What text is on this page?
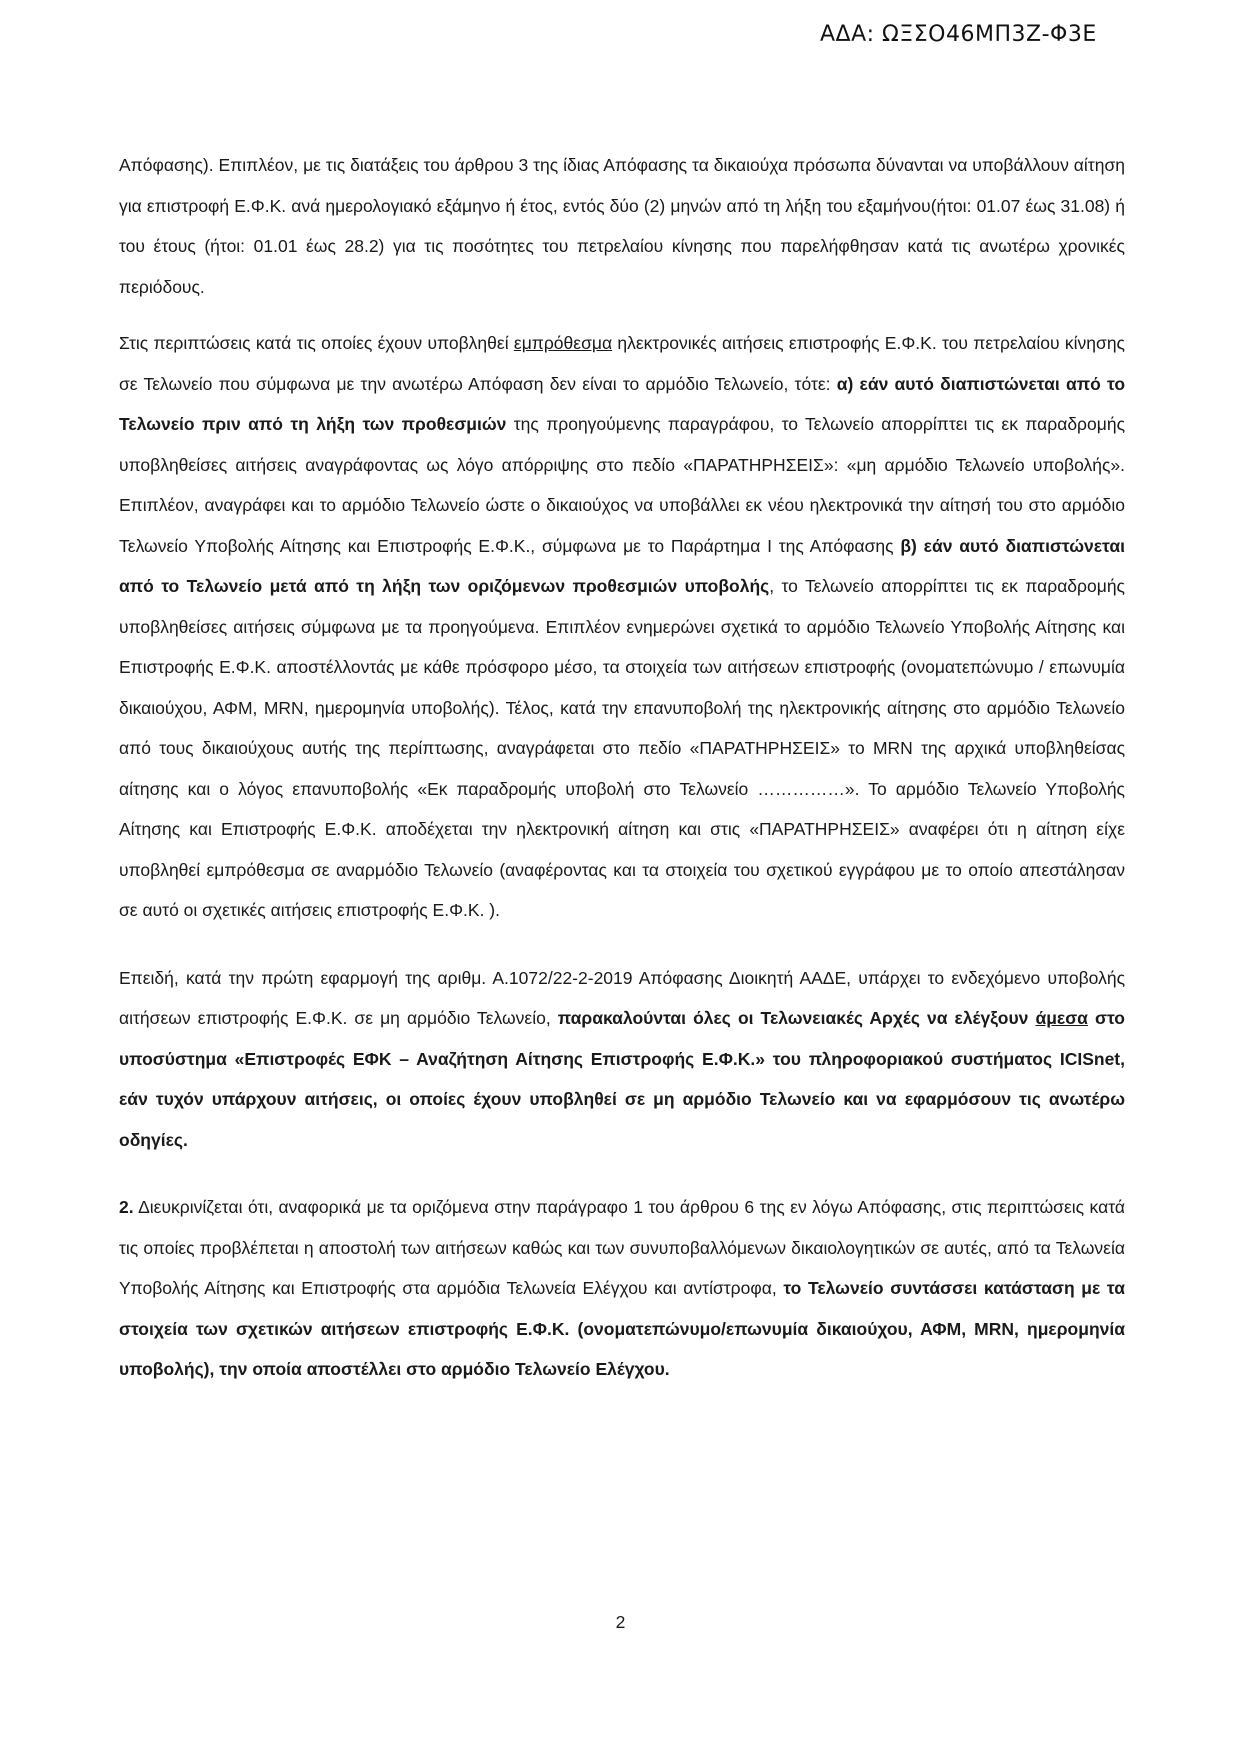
ΑΔΑ: ΩΞΣΟ46ΜΠ3Ζ-Φ3Ε

Απόφασης). Επιπλέον, με τις διατάξεις του άρθρου 3 της ίδιας Απόφασης τα δικαιούχα πρόσωπα δύνανται να υποβάλλουν αίτηση για επιστροφή Ε.Φ.Κ. ανά ημερολογιακό εξάμηνο ή έτος, εντός δύο (2) μηνών από τη λήξη του εξαμήνου(ήτοι: 01.07 έως 31.08) ή του έτους (ήτοι: 01.01 έως 28.2) για τις ποσότητες του πετρελαίου κίνησης που παρελήφθησαν κατά τις ανωτέρω χρονικές περιόδους.

Στις περιπτώσεις κατά τις οποίες έχουν υποβληθεί εμπρόθεσμα ηλεκτρονικές αιτήσεις επιστροφής Ε.Φ.Κ. του πετρελαίου κίνησης σε Τελωνείο που σύμφωνα με την ανωτέρω Απόφαση δεν είναι το αρμόδιο Τελωνείο, τότε: α) εάν αυτό διαπιστώνεται από το Τελωνείο πριν από τη λήξη των προθεσμιών της προηγούμενης παραγράφου, το Τελωνείο απορρίπτει τις εκ παραδρομής υποβληθείσες αιτήσεις αναγράφοντας ως λόγο απόρριψης στο πεδίο «ΠΑΡΑΤΗΡΗΣΕΙΣ»: «μη αρμόδιο Τελωνείο υποβολής». Επιπλέον, αναγράφει και το αρμόδιο Τελωνείο ώστε ο δικαιούχος να υποβάλλει εκ νέου ηλεκτρονικά την αίτησή του στο αρμόδιο Τελωνείο Υποβολής Αίτησης και Επιστροφής Ε.Φ.Κ., σύμφωνα με το Παράρτημα Ι της Απόφασης β) εάν αυτό διαπιστώνεται από το Τελωνείο μετά από τη λήξη των οριζόμενων προθεσμιών υποβολής, το Τελωνείο απορρίπτει τις εκ παραδρομής υποβληθείσες αιτήσεις σύμφωνα με τα προηγούμενα. Επιπλέον ενημερώνει σχετικά το αρμόδιο Τελωνείο Υποβολής Αίτησης και Επιστροφής Ε.Φ.Κ. αποστέλλοντάς με κάθε πρόσφορο μέσο, τα στοιχεία των αιτήσεων επιστροφής (ονοματεπώνυμο / επωνυμία δικαιούχου, ΑΦΜ, MRN, ημερομηνία υποβολής). Τέλος, κατά την επανυποβολή της ηλεκτρονικής αίτησης στο αρμόδιο Τελωνείο από τους δικαιούχους αυτής της περίπτωσης, αναγράφεται στο πεδίο «ΠΑΡΑΤΗΡΗΣΕΙΣ» το MRN της αρχικά υποβληθείσας αίτησης και ο λόγος επανυποβολής «Εκ παραδρομής υποβολή στο Τελωνείο ……………». Το αρμόδιο Τελωνείο Υποβολής Αίτησης και Επιστροφής Ε.Φ.Κ. αποδέχεται την ηλεκτρονική αίτηση και στις «ΠΑΡΑΤΗΡΗΣΕΙΣ» αναφέρει ότι η αίτηση είχε υποβληθεί εμπρόθεσμα σε αναρμόδιο Τελωνείο (αναφέροντας και τα στοιχεία του σχετικού εγγράφου με το οποίο απεστάλησαν σε αυτό οι σχετικές αιτήσεις επιστροφής Ε.Φ.Κ. ).

Επειδή, κατά την πρώτη εφαρμογή της αριθμ. Α.1072/22-2-2019 Απόφασης Διοικητή ΑΑΔΕ, υπάρχει το ενδεχόμενο υποβολής αιτήσεων επιστροφής Ε.Φ.Κ. σε μη αρμόδιο Τελωνείο, παρακαλούνται όλες οι Τελωνειακές Αρχές να ελέγξουν άμεσα στο υποσύστημα «Επιστροφές ΕΦΚ – Αναζήτηση Αίτησης Επιστροφής Ε.Φ.Κ.» του πληροφοριακού συστήματος ICISnet, εάν τυχόν υπάρχουν αιτήσεις, οι οποίες έχουν υποβληθεί σε μη αρμόδιο Τελωνείο και να εφαρμόσουν τις ανωτέρω οδηγίες.

2. Διευκρινίζεται ότι, αναφορικά με τα οριζόμενα στην παράγραφο 1 του άρθρου 6 της εν λόγω Απόφασης, στις περιπτώσεις κατά τις οποίες προβλέπεται η αποστολή των αιτήσεων καθώς και των συνυποβαλλόμενων δικαιολογητικών σε αυτές, από τα Τελωνεία Υποβολής Αίτησης και Επιστροφής στα αρμόδια Τελωνεία Ελέγχου και αντίστροφα, το Τελωνείο συντάσσει κατάσταση με τα στοιχεία των σχετικών αιτήσεων επιστροφής Ε.Φ.Κ. (ονοματεπώνυμο/επωνυμία δικαιούχου, ΑΦΜ, MRN, ημερομηνία υποβολής), την οποία αποστέλλει στο αρμόδιο Τελωνείο Ελέγχου.

2
